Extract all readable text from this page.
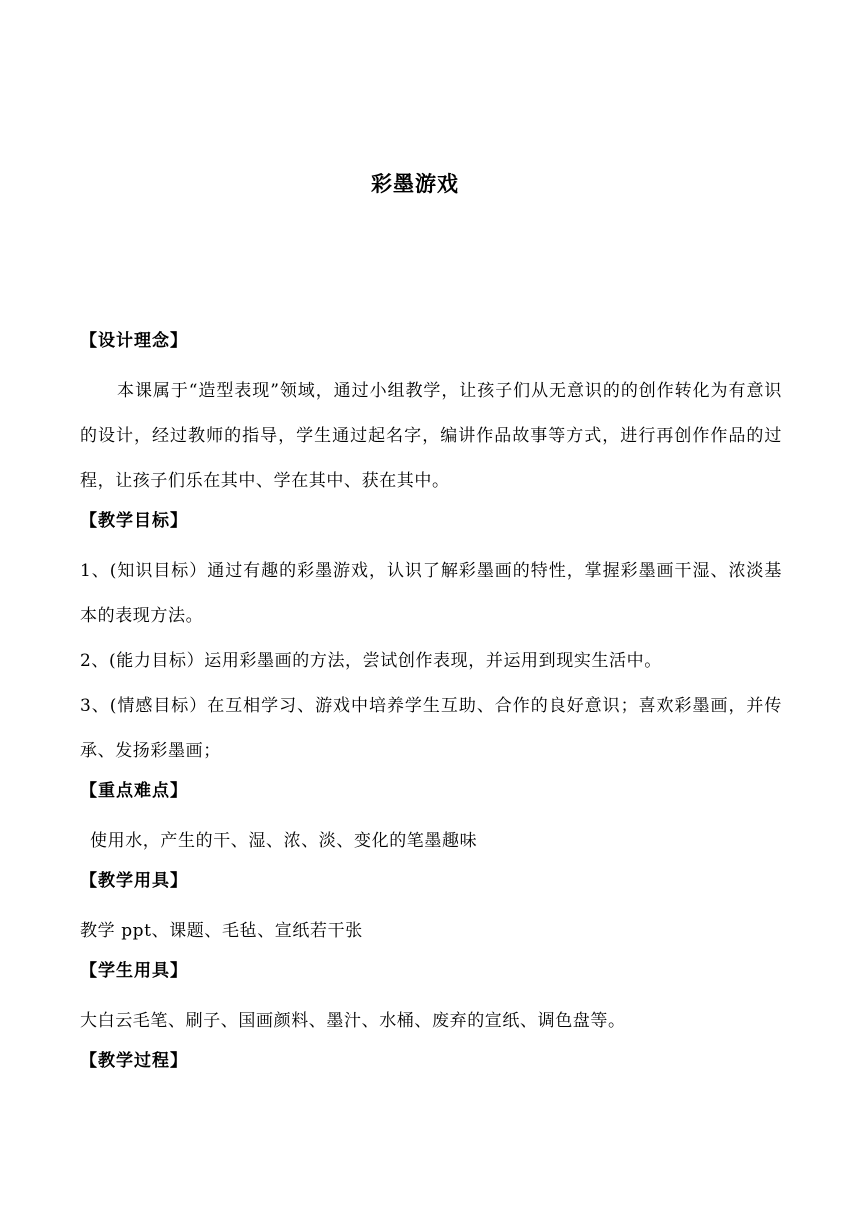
彩墨游戏
【设计理念】
本课属于“造型表现”领域，通过小组教学，让孩子们从无意识的的创作转化为有意识的设计，经过教师的指导，学生通过起名字，编讲作品故事等方式，进行再创作作品的过程，让孩子们乐在其中、学在其中、获在其中。
【教学目标】
1、(知识目标）通过有趣的彩墨游戏，认识了解彩墨画的特性，掌握彩墨画干湿、浓淡基本的表现方法。
2、(能力目标）运用彩墨画的方法，尝试创作表现，并运用到现实生活中。
3、(情感目标）在互相学习、游戏中培养学生互助、合作的良好意识；喜欢彩墨画，并传承、发扬彩墨画；
【重点难点】
使用水，产生的干、湿、浓、淡、变化的笔墨趣味
【教学用具】
教学 ppt、课题、毛毡、宣纸若干张
【学生用具】
大白云毛笔、刷子、国画颜料、墨汁、水桶、废弃的宣纸、调色盘等。
【教学过程】
